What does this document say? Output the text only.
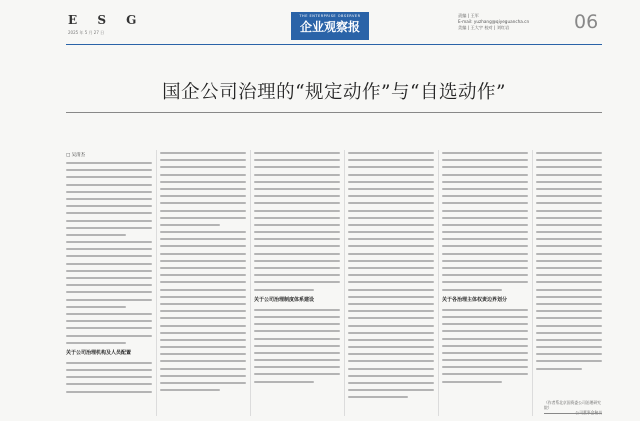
E S G
2025 年 5 月 27 日
THE ENTERPRISE OBSERVER
企业观察报
责编 | 王军
E-mail: yuzhang@qiyeguancha.cn
美编 | 王大宇 校对 | 刘红岩	06
国企公司治理的“规定动作”与“自选动作”
□ 吴清杰
关于公司治理机构及人员配置
关于公司治理制度体系建设	关于各治理主体权责边界划分
（作者系北京国资委公司治理研究院）
